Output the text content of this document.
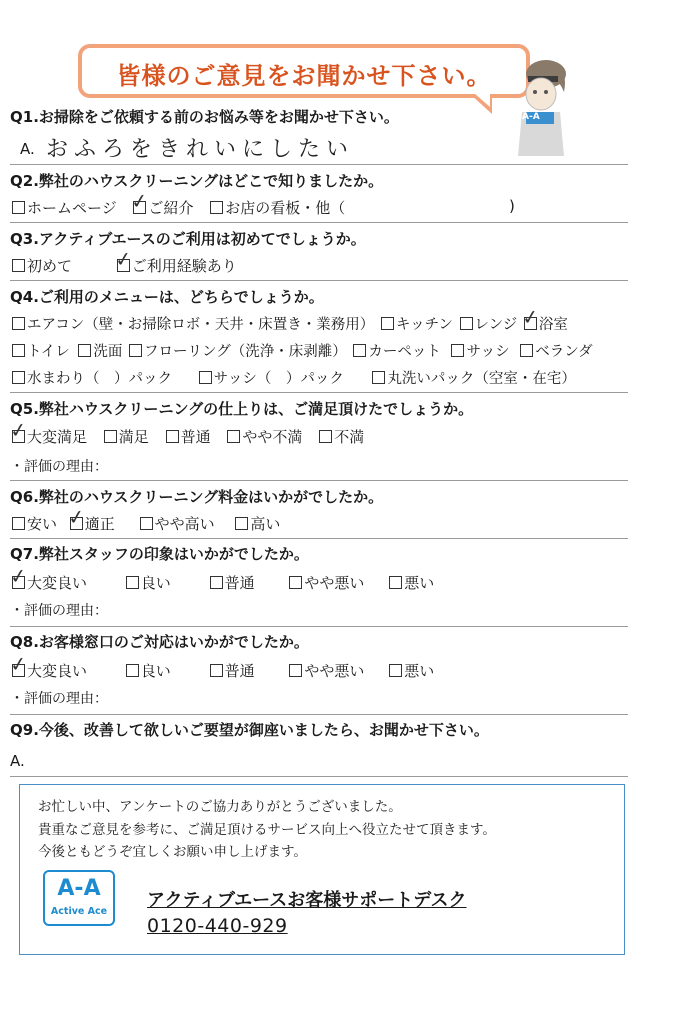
皆様のご意見をお聞かせ下さい。
A-A
Q1.お掃除をご依頼する前のお悩み等をお聞かせ下さい。
A. おふろをきれいにしたい
Q2.弊社のハウスクリーニングはどこで知りましたか。
ホームページ ✓
ご紹介 お店の看板・他（	)
Q3.アクティブエースのご利用は初めてでしょうか。
初めて ✓
ご利用経験あり
Q4.ご利用のメニューは、どちらでしょうか。
エアコン（壁・お掃除ロボ・天井・床置き・業務用） キッチン レンジ ✓
浴室
トイレ 洗面 フローリング（洗浄・床剥離） カーペット サッシ ベランダ
水まわり（　）パック	サッシ（　）パック	丸洗いパック（空室・在宅）
Q5.弊社ハウスクリーニングの仕上りは、ご満足頂けたでしょうか。
✓
大変満足 満足 普通 やや不満 不満
・評価の理由：
Q6.弊社のハウスクリーニング料金はいかがでしたか。
安い ✓
適正	やや高い 高い
Q7.弊社スタッフの印象はいかがでしたか。
✓
大変良い	良い	普通	やや悪い	悪い
・評価の理由：
Q8.お客様窓口のご対応はいかがでしたか。
✓
大変良い	良い	普通	やや悪い	悪い
・評価の理由：
Q9.今後、改善して欲しいご要望が御座いましたら、お聞かせ下さい。
A.
お忙しい中、アンケートのご協力ありがとうございました。
貴重なご意見を参考に、ご満足頂けるサービス向上へ役立たせて頂きます。
今後ともどうぞ宜しくお願い申し上げます。
A-A
Active Ace
アクティブエースお客様サポートデスク
0120-440-929
